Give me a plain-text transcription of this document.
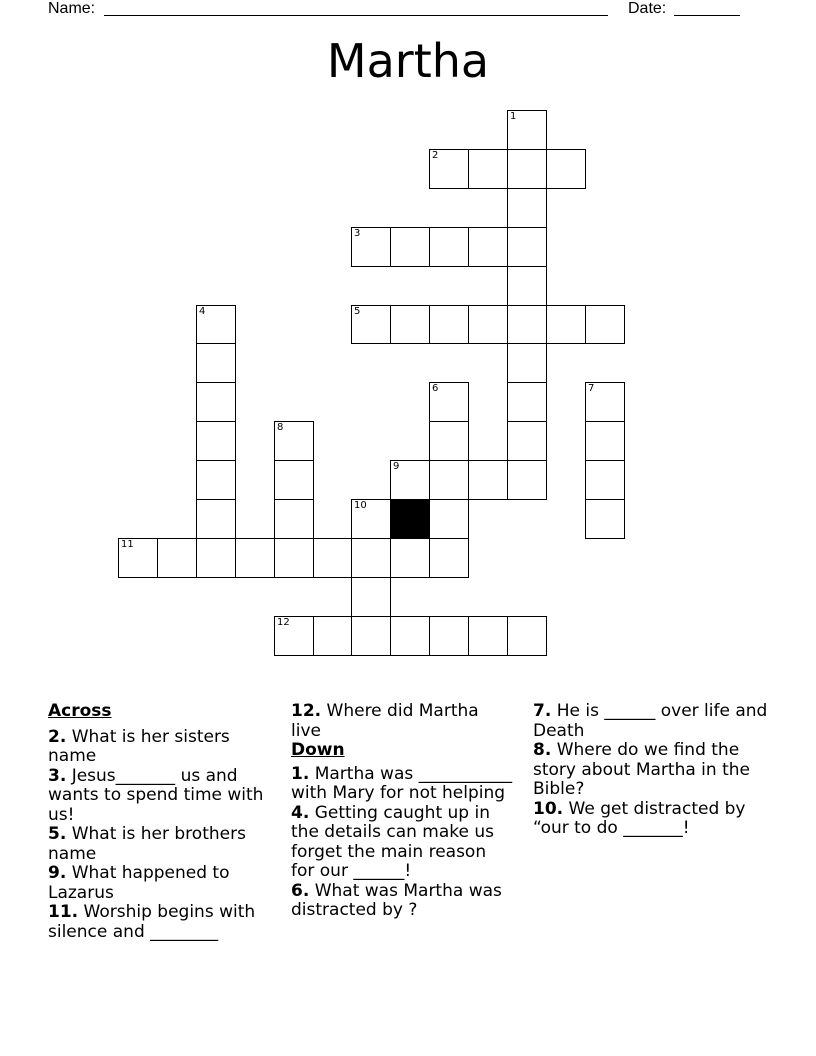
Name:	Date:
Martha
1
2
3
4	5
6	7
8
9
10
11
12
Across
2. What is her sisters name
3. Jesus_______ us and wants to spend time with us!
5. What is her brothers name
9. What happened to Lazarus
11. Worship begins with silence and ________
12. Where did Martha live
Down
1. Martha was ___________ with Mary for not helping
4. Getting caught up in the details can make us forget the main reason for our ______!
6. What was Martha was distracted by ?
7. He is ______ over life and Death
8. Where do we find the story about Martha in the Bible?
10. We get distracted by “our to do _______!
